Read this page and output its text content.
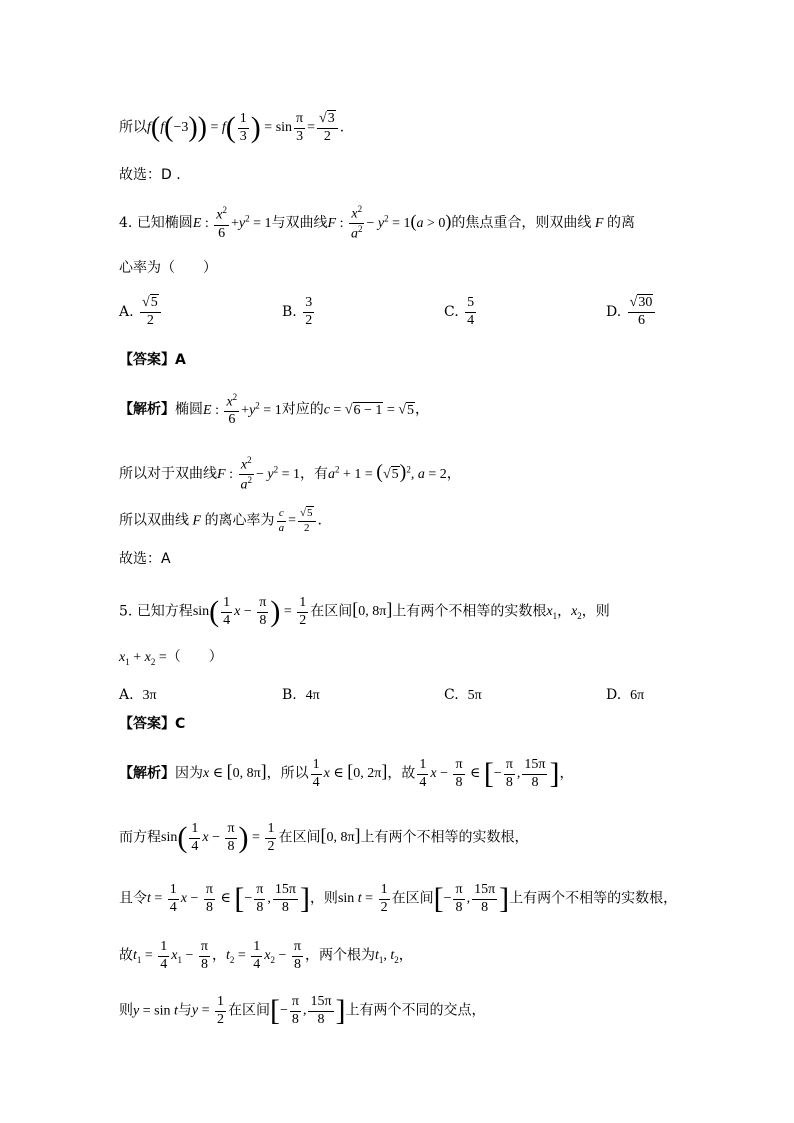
所以$f(f(-3)) = f( \frac{1}{3}$ ) = $\sin \frac{\pi}{3} = \frac{√3}{2}$ .
故选：D .
4. 已知椭圆E : $\frac{x^2}{6} +y^2 = 1$与双曲线F : $\frac{x^2}{a^2} - y^2 = 1(a > 0)$的焦点重合，则双曲线 F 的离
心率为（　　）
A. $\frac{√5}{2}$	B. $\frac{3}{2}$	C. $\frac{5}{4}$	D. $\frac{√30}{6}$
【答案】A
【解析】椭圆E : $\frac{x^2}{6} +y^2 = 1$对应的c = √6 − 1 = √5，
所以对于双曲线F : $\frac{x^2}{a^2} - y^2 = 1$，有$a^2 + 1 = (√5)^2$, a = 2，
所以双曲线 F 的离心率为 $\frac{c}{a} = \frac{√5}{2}$ .
故选：A
5. 已知方程$\sin( \frac{1}{4}$ $x - \frac{\pi}{8}$ ) = $\frac{1}{2}$ 在区间[0, 8π]上有两个不相等的实数根$x_1$，$x_2$，则
$x_1 + x_2$ =（　　）
A. 3π	B. 4π	C. 5π	D. 6π
【答案】C
【解析】因为x ∈ [0, 8π]，所以 $\frac{1}{4}$ x ∈ [0, 2π]，故 $\frac{1}{4}$ $x - \frac{\pi}{8}$ ∈ [− $\frac{\pi}{8}$ , $\frac{15\pi}{8}$ ]，
而方程$\sin( \frac{1}{4}$ $x - \frac{\pi}{8}$ ) = $\frac{1}{2}$ 在区间[0, 8π]上有两个不相等的实数根，
且令$t = \frac{1}{4}$ $x - \frac{\pi}{8}$ ∈ [− $\frac{\pi}{8}$ , $\frac{15\pi}{8}$ ]，则$\sin t = \frac{1}{2}$ 在区间[− $\frac{\pi}{8}$ , $\frac{15\pi}{8}$ ]上有两个不相等的实数根，
故$t_1 = \frac{1}{4} x_1 - \frac{\pi}{8}$ ，$t_2 = \frac{1}{4} x_2 - \frac{\pi}{8}$ ，两个根为$t_1$, $t_2$，
则y = sin t与$y = \frac{1}{2}$ 在区间[− $\frac{\pi}{8}$ , $\frac{15\pi}{8}$ ]上有两个不同的交点，
